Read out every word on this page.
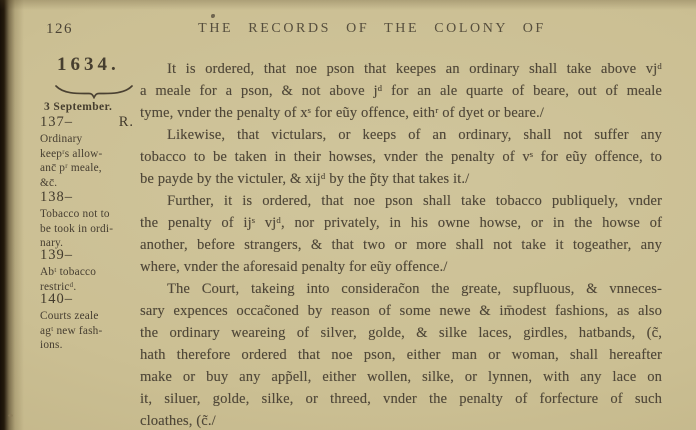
126	THE RECORDS OF THE COLONY OF
1634.
3 September.
137–	R.
Ordinary
keepʳs allow-
anc̄ pʳ meale,
&c̄.
138–
Tobacco not to
be took in ordi-
nary.
139–
Abᵗ tobacco
restricᵈ.
140–
Courts zeale
agᵗ new fash-
ions.
It is ordered, that noe pson that keepes an ordinary shall take above vjᵈ
a meale for a pson, & not above jᵈ for an ale quarte of beare, out of meale
tyme, vnder the penalty of xˢ for eũy offence, eithʳ of dyet or beare./
Likewise, that victulars, or keeps of an ordinary, shall not suffer any
tobacco to be taken in their howses, vnder the penalty of vˢ for eũy offence, to
be payde by the victuler, & xijᵈ by the p̃ty that takes it./
Further, it is ordered, that noe pson shall take tobacco publiquely, vnder
the penalty of ijˢ vjᵈ, nor privately, in his owne howse, or in the howse of
another, before strangers, & that two or more shall not take it togeather, any
where, vnder the aforesaid penalty for eũy offence./
The Court, takeing into considerac̃on the greate, supfluous, & vnneces-
sary expences occac̃oned by reason of some newe & im̄odest fashions, as also
the ordinary weareing of silver, golde, & silke laces, girdles, hatbands, (c̃,
hath therefore ordered that noe pson, either man or woman, shall hereafter
make or buy any app̃ell, either wollen, silke, or lynnen, with any lace on
it, siluer, golde, silke, or threed, vnder the penalty of forfecture of such
cloathes, (c̃./
